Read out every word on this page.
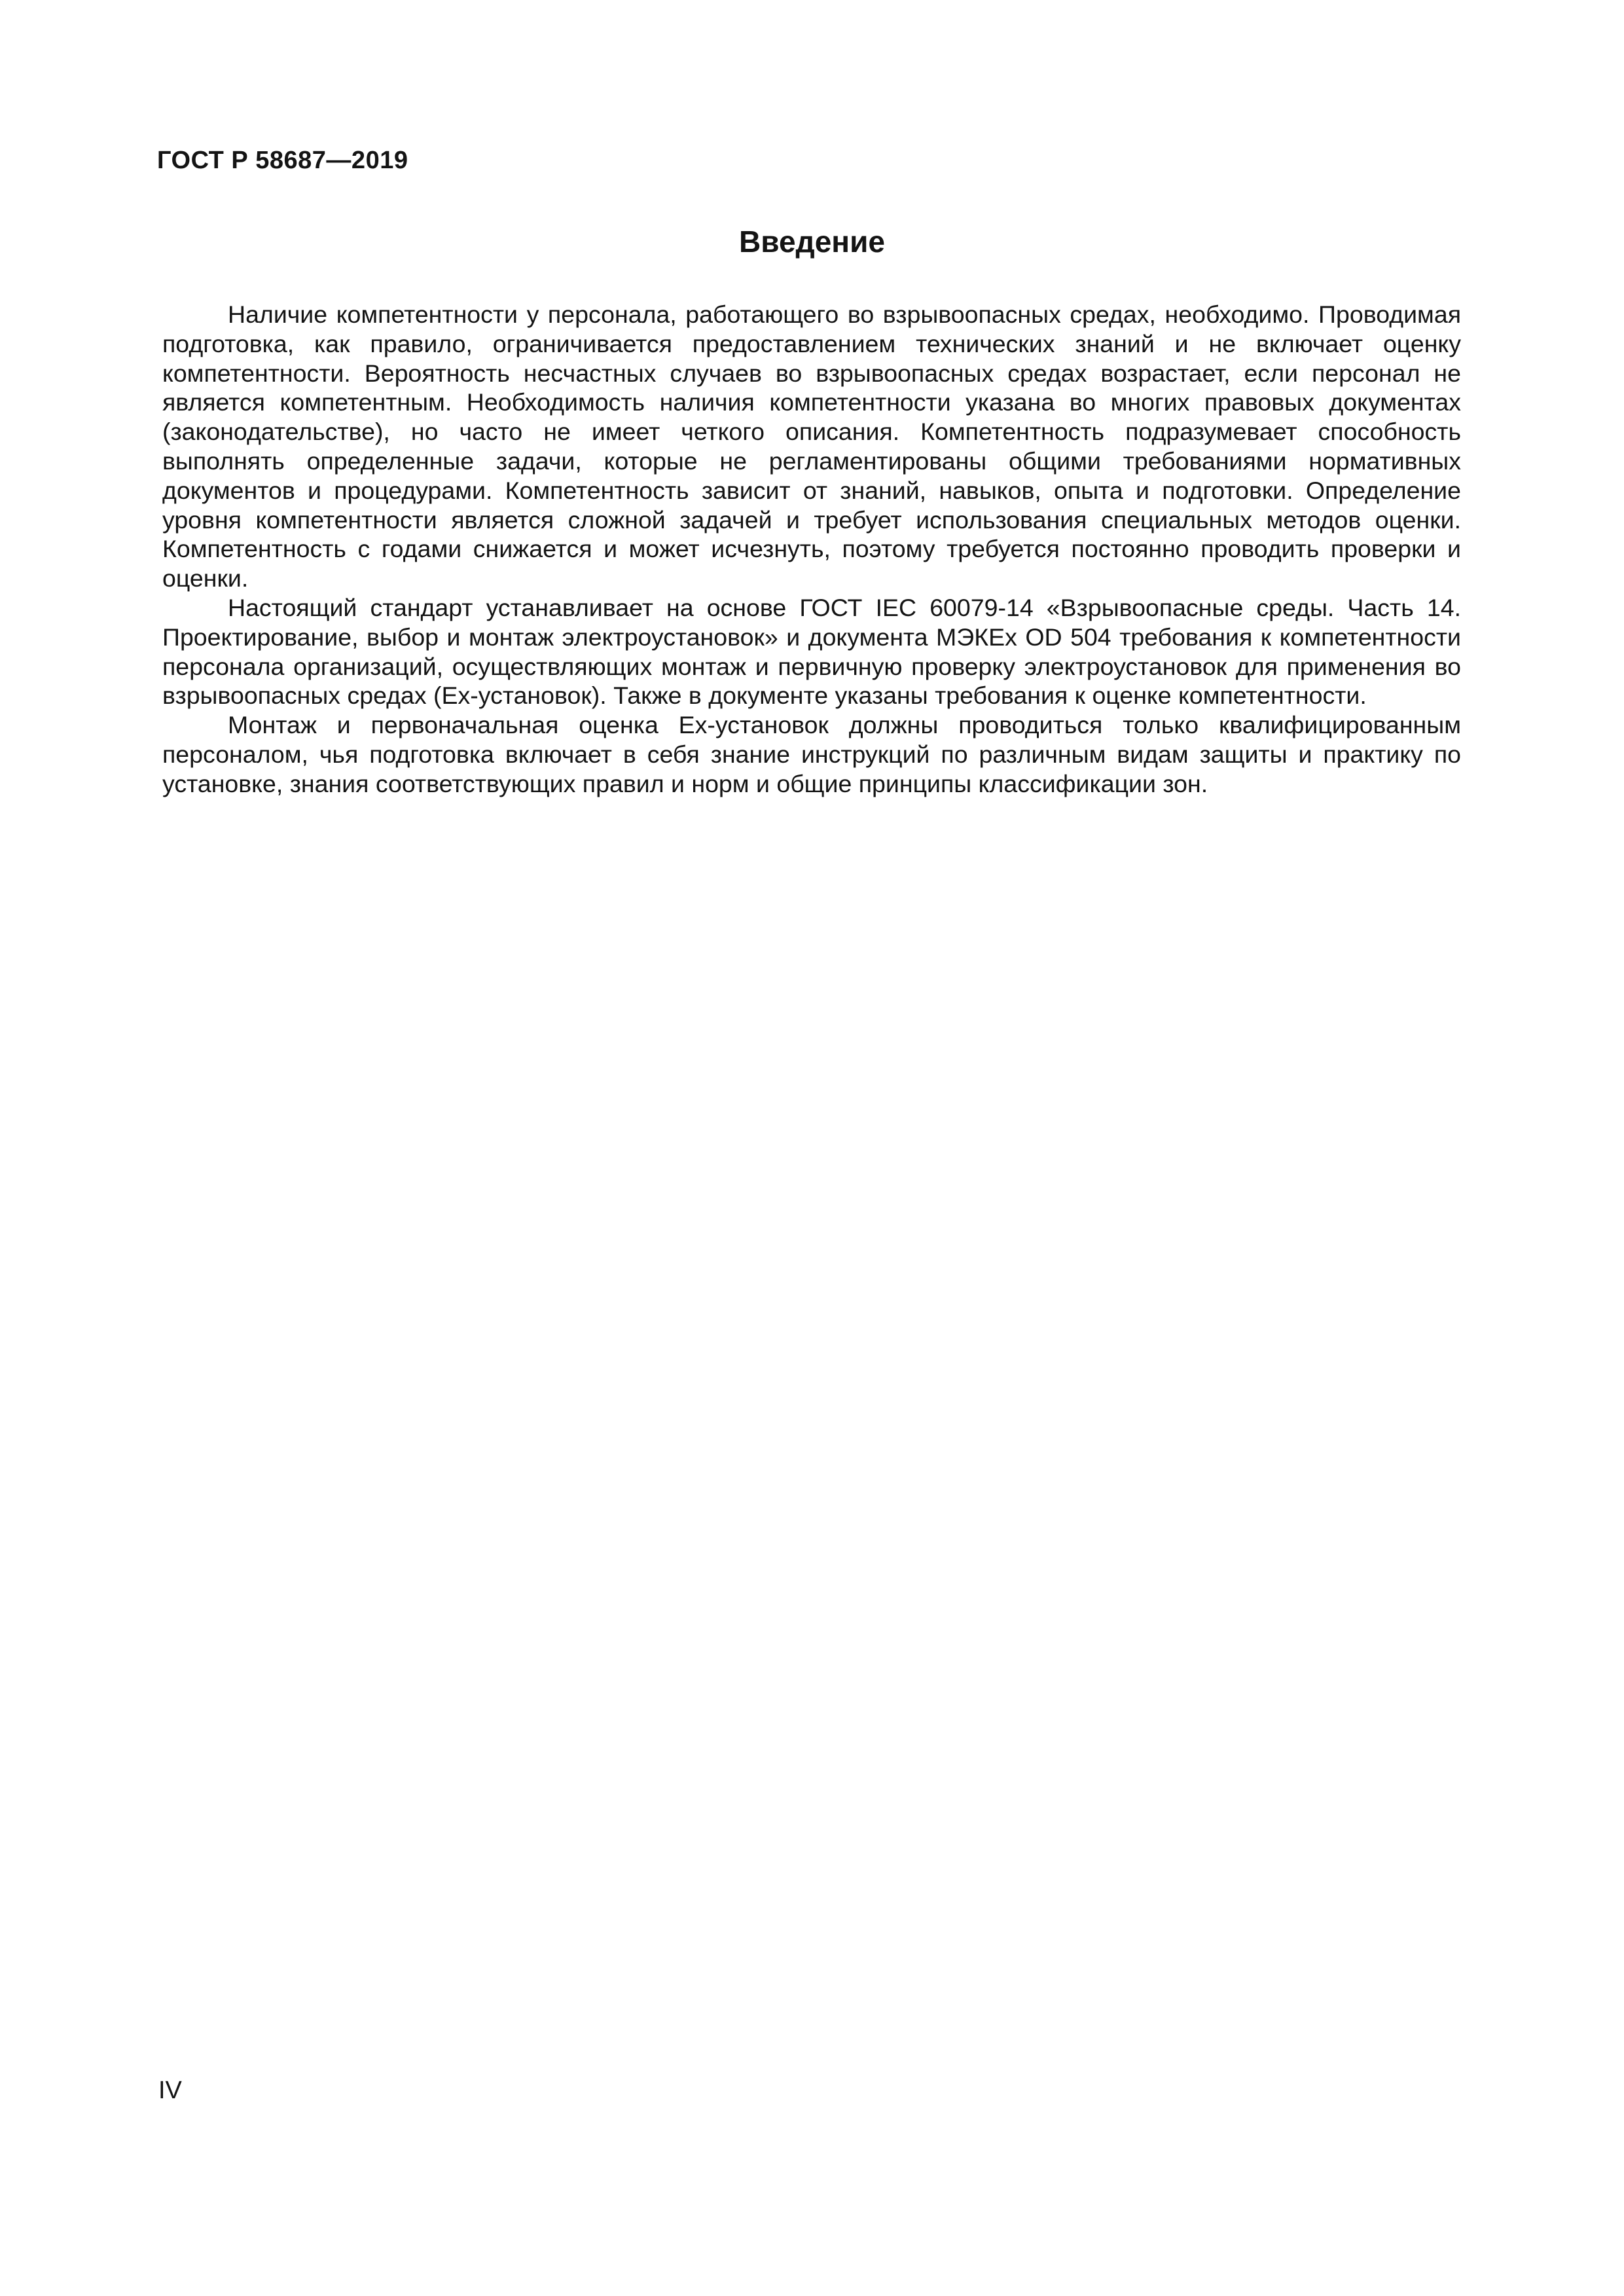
ГОСТ Р 58687—2019
Введение

Наличие компетентности у персонала, работающего во взрывоопасных средах, необходимо. Проводимая подготовка, как правило, ограничивается предоставлением технических знаний и не включает оценку компетентности. Вероятность несчастных случаев во взрывоопасных средах возрастает, если персонал не является компетентным. Необходимость наличия компетентности указана во многих правовых документах (законодательстве), но часто не имеет четкого описания. Компетентность подразумевает способность выполнять определенные задачи, которые не регламентированы общими требованиями нормативных документов и процедурами. Компетентность зависит от знаний, навыков, опыта и подготовки. Определение уровня компетентности является сложной задачей и требует использования специальных методов оценки. Компетентность с годами снижается и может исчезнуть, поэтому требуется постоянно проводить проверки и оценки.

Настоящий стандарт устанавливает на основе ГОСТ IEC 60079-14 «Взрывоопасные среды. Часть 14. Проектирование, выбор и монтаж электроустановок» и документа МЭКЕх OD 504 требования к компетентности персонала организаций, осуществляющих монтаж и первичную проверку электроустановок для применения во взрывоопасных средах (Ех-установок). Также в документе указаны требования к оценке компетентности.

Монтаж и первоначальная оценка Ех-установок должны проводиться только квалифицированным персоналом, чья подготовка включает в себя знание инструкций по различным видам защиты и практику по установке, знания соответствующих правил и норм и общие принципы классификации зон.

IV
